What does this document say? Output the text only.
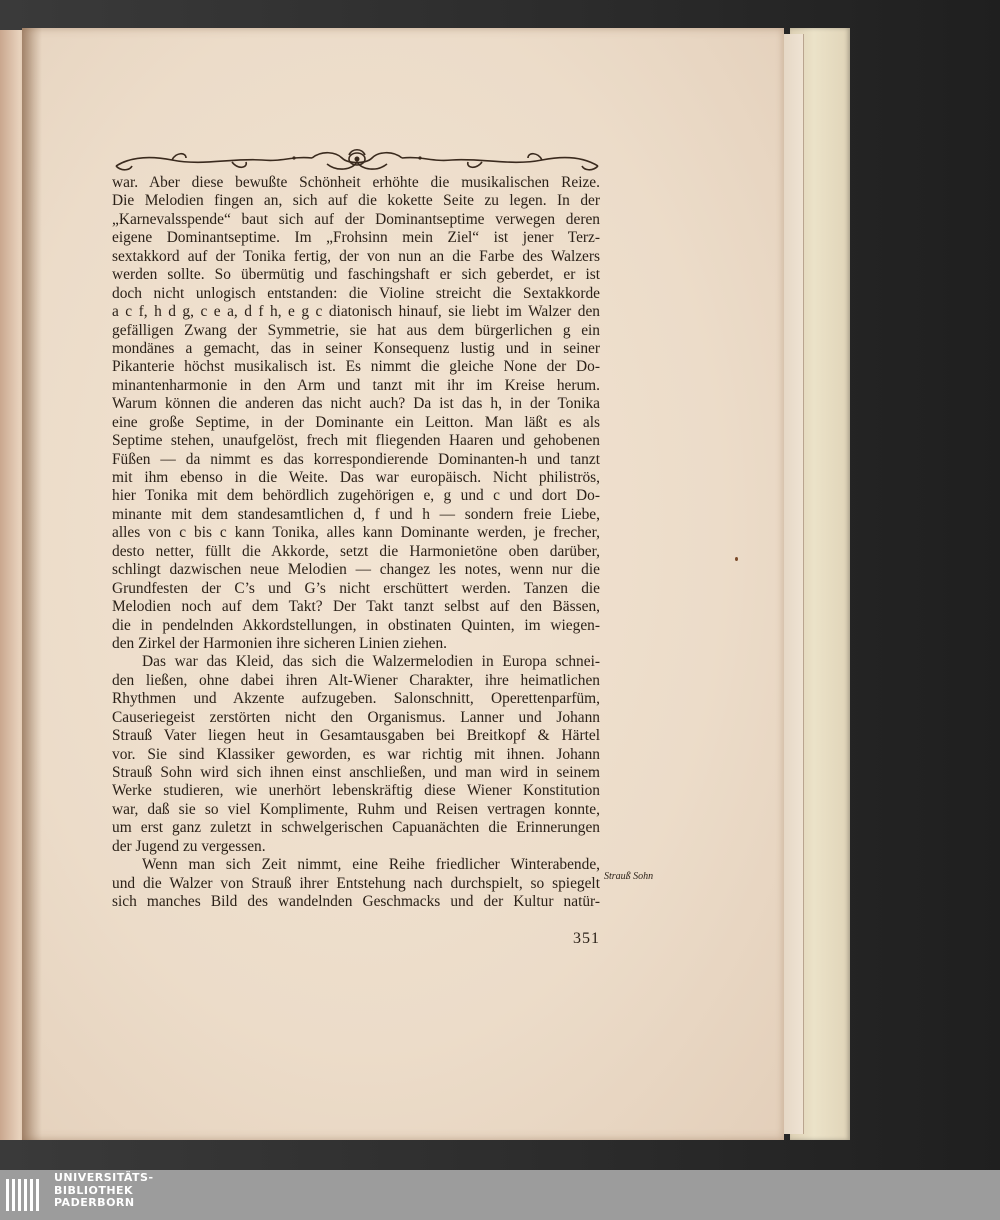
war. Aber diese bewußte Schönheit erhöhte die musikalischen Reize.
Die Melodien fingen an, sich auf die kokette Seite zu legen. In der
„Karnevalsspende“ baut sich auf der Dominantseptime verwegen deren
eigene Dominantseptime. Im „Frohsinn mein Ziel“ ist jener Terz-
sextakkord auf der Tonika fertig, der von nun an die Farbe des Walzers
werden sollte. So übermütig und faschingshaft er sich geberdet, er ist
doch nicht unlogisch entstanden: die Violine streicht die Sextakkorde
a c f, h d g, c e a, d f h, e g c diatonisch hinauf, sie liebt im Walzer den
gefälligen Zwang der Symmetrie, sie hat aus dem bürgerlichen g ein
mondänes a gemacht, das in seiner Konsequenz lustig und in seiner
Pikanterie höchst musikalisch ist. Es nimmt die gleiche None der Do-
minantenharmonie in den Arm und tanzt mit ihr im Kreise herum.
Warum können die anderen das nicht auch? Da ist das h, in der Tonika
eine große Septime, in der Dominante ein Leitton. Man läßt es als
Septime stehen, unaufgelöst, frech mit fliegenden Haaren und gehobenen
Füßen — da nimmt es das korrespondierende Dominanten-h und tanzt
mit ihm ebenso in die Weite. Das war europäisch. Nicht philiströs,
hier Tonika mit dem behördlich zugehörigen e, g und c und dort Do-
minante mit dem standesamtlichen d, f und h — sondern freie Liebe,
alles von c bis c kann Tonika, alles kann Dominante werden, je frecher,
desto netter, füllt die Akkorde, setzt die Harmonietöne oben darüber,
schlingt dazwischen neue Melodien — changez les notes, wenn nur die
Grundfesten der C’s und G’s nicht erschüttert werden. Tanzen die
Melodien noch auf dem Takt? Der Takt tanzt selbst auf den Bässen,
die in pendelnden Akkordstellungen, in obstinaten Quinten, im wiegen-
den Zirkel der Harmonien ihre sicheren Linien ziehen.
Das war das Kleid, das sich die Walzermelodien in Europa schnei-
den ließen, ohne dabei ihren Alt-Wiener Charakter, ihre heimatlichen
Rhythmen und Akzente aufzugeben. Salonschnitt, Operettenparfüm,
Causeriegeist zerstörten nicht den Organismus. Lanner und Johann
Strauß Vater liegen heut in Gesamtausgaben bei Breitkopf & Härtel
vor. Sie sind Klassiker geworden, es war richtig mit ihnen. Johann
Strauß Sohn wird sich ihnen einst anschließen, und man wird in seinem
Werke studieren, wie unerhört lebenskräftig diese Wiener Konstitution
war, daß sie so viel Komplimente, Ruhm und Reisen vertragen konnte,
um erst ganz zuletzt in schwelgerischen Capuanächten die Erinnerungen
der Jugend zu vergessen.
Wenn man sich Zeit nimmt, eine Reihe friedlicher Winterabende,
und die Walzer von Strauß ihrer Entstehung nach durchspielt, so spiegelt
sich manches Bild des wandelnden Geschmacks und der Kultur natür-
Strauß Sohn
351
UNIVERSITÄTS-
BIBLIOTHEK
PADERBORN
